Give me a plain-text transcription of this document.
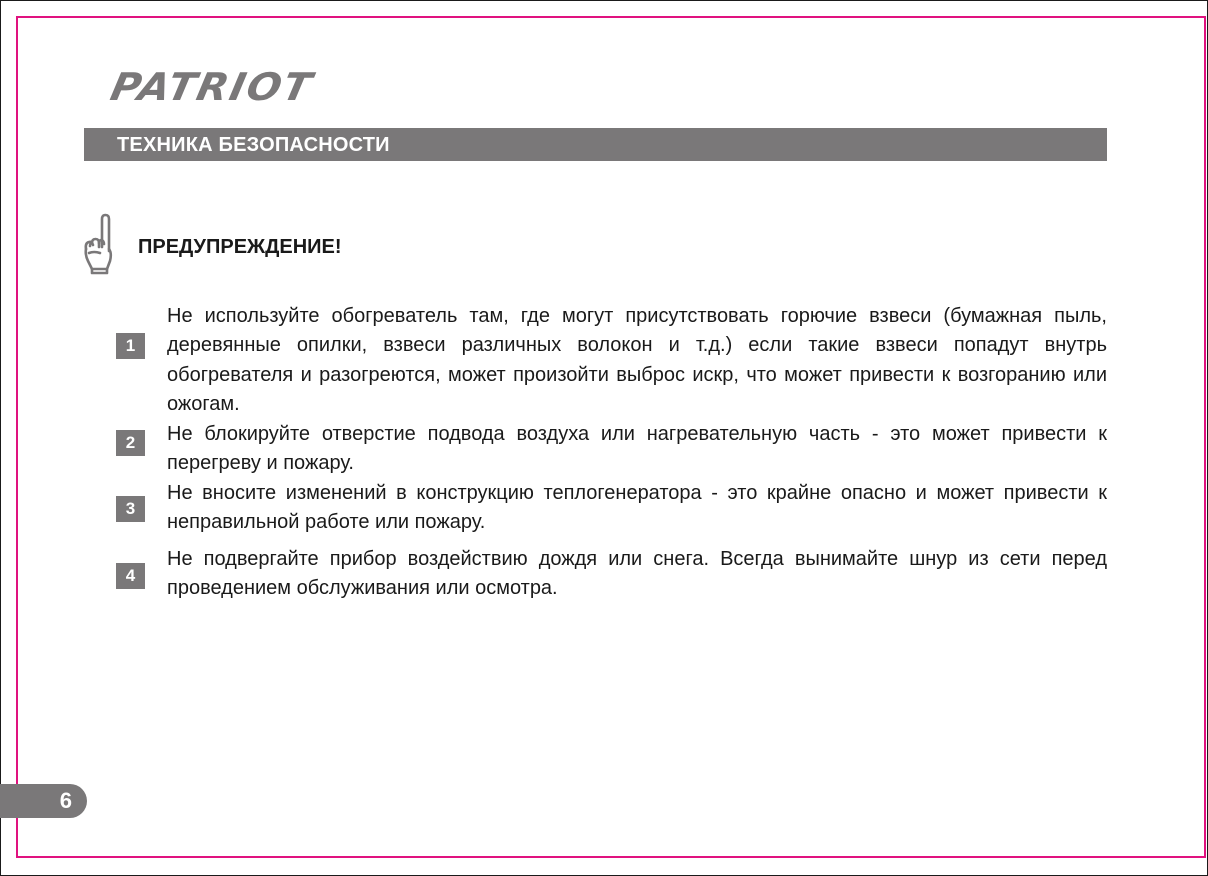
PATRIOT
ТЕХНИКА БЕЗОПАСНОСТИ
ПРЕДУПРЕЖДЕНИЕ!
1
Не используйте обогреватель там, где могут присутствовать горючие взвеси (бумажная пыль, деревянные опилки, взвеси различных волокон и т.д.) если такие взвеси попадут внутрь обогревателя и разогреются, может произойти выброс искр, что может привести к возгоранию или ожогам.
2	Не блокируйте отверстие подвода воздуха или нагревательную часть - это может привести к перегреву и пожару.
3
Не вносите изменений в конструкцию теплогенератора - это крайне опасно и может привести к неправильной работе или пожару.
4
Не подвергайте прибор воздействию дождя или снега. Всегда вынимайте шнур из сети перед проведением обслуживания или осмотра.
6
